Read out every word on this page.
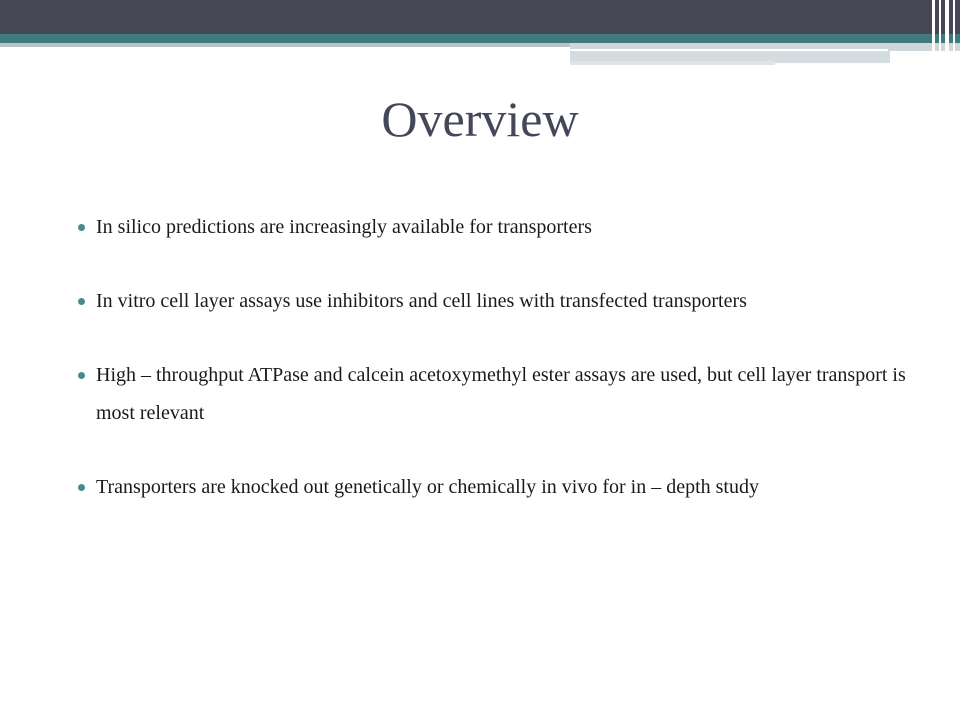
Overview
In silico predictions are increasingly available for transporters
In vitro cell layer assays use inhibitors and cell lines with transfected transporters
High – throughput ATPase and calcein acetoxymethyl ester assays are used, but cell layer transport is most relevant
Transporters are knocked out genetically or chemically in vivo for in – depth study
